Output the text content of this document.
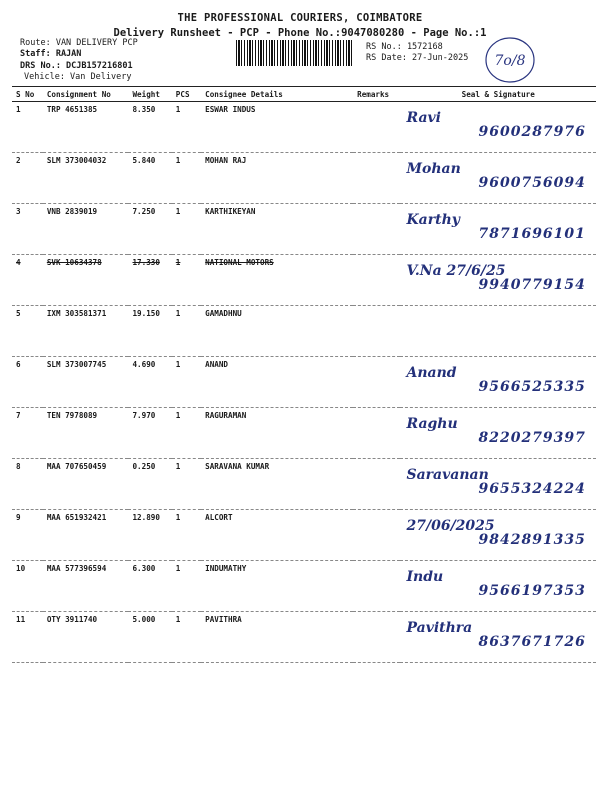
THE PROFESSIONAL COURIERS, COIMBATORE
Delivery Runsheet - PCP - Phone No.:9047080280 - Page No.:1
Route: VAN DELIVERY PCP
Staff: RAJAN
DRS No.: DCJB157216801
Vehicle: Van Delivery
RS No.: 1572168
RS Date: 27-Jun-2025 7o/8
S No	Consignment No	Weight	PCS	Consignee Details	Remarks	Seal & Signature
1	TRP 4651385	8.350	1	ESWAR INDUS		Ravi
9600287976

2	SLM 373004032	5.840	1	MOHAN RAJ		Mohan
9600756094

3	VNB 2839019	7.250	1	KARTHIKEYAN		Karthy
7871696101

4	SVK 10634378	17.330	1	NATIONAL MOTORS		V.Na 27/6/25
9940779154

5	IXM 303581371	19.150	1	GAMADHNU		

6	SLM 373007745	4.690	1	ANAND		Anand
9566525335

7	TEN 7978089	7.970	1	RAGURAMAN		Raghu
8220279397

8	MAA 707650459	0.250	1	SARAVANA KUMAR		Saravanan
9655324224

9	MAA 651932421	12.890	1	ALCORT		27/06/2025
9842891335

10	MAA 577396594	6.300	1	INDUMATHY		Indu
9566197353

11	OTY 3911740	5.000	1	PAVITHRA		Pavithra
8637671726
